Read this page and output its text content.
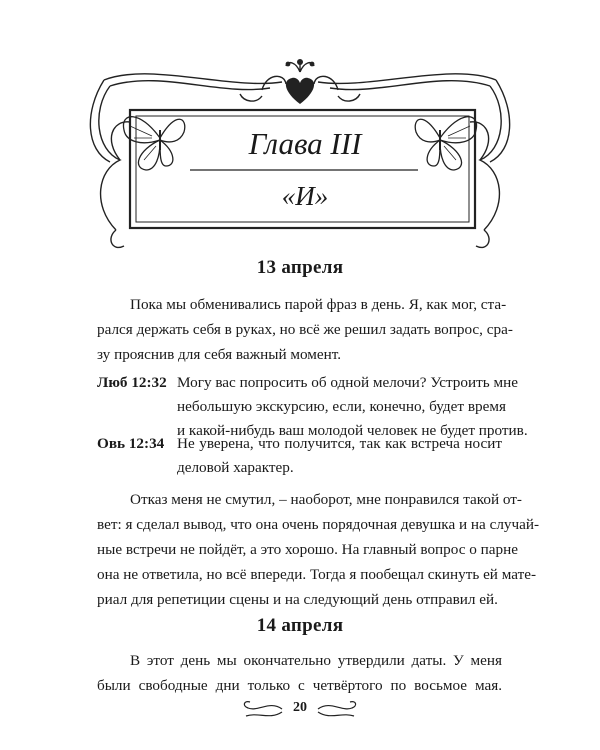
Глава III
«И»
13 апреля
Пока мы обменивались парой фраз в день. Я, как мог, ста-
рался держать себя в руках, но всё же решил задать вопрос, сра-
зу прояснив для себя важный момент.
Люб 12:32 Могу вас попросить об одной мелочи? Устроить мне
небольшую экскурсию, если, конечно, будет время
и какой-нибудь ваш молодой человек не будет против.
Овь 12:34 Не уверена, что получится, так как встреча носит
деловой характер.
Отказ меня не смутил, – наоборот, мне понравился такой от-
вет: я сделал вывод, что она очень порядочная девушка и на случай-
ные встречи не пойдёт, а это хорошо. На главный вопрос о парне
она не ответила, но всё впереди. Тогда я пообещал скинуть ей мате-
риал для репетиции сцены и на следующий день отправил ей.
14 апреля
В этот день мы окончательно утвердили даты. У меня
были свободные дни только с четвёртого по восьмое мая.
20
